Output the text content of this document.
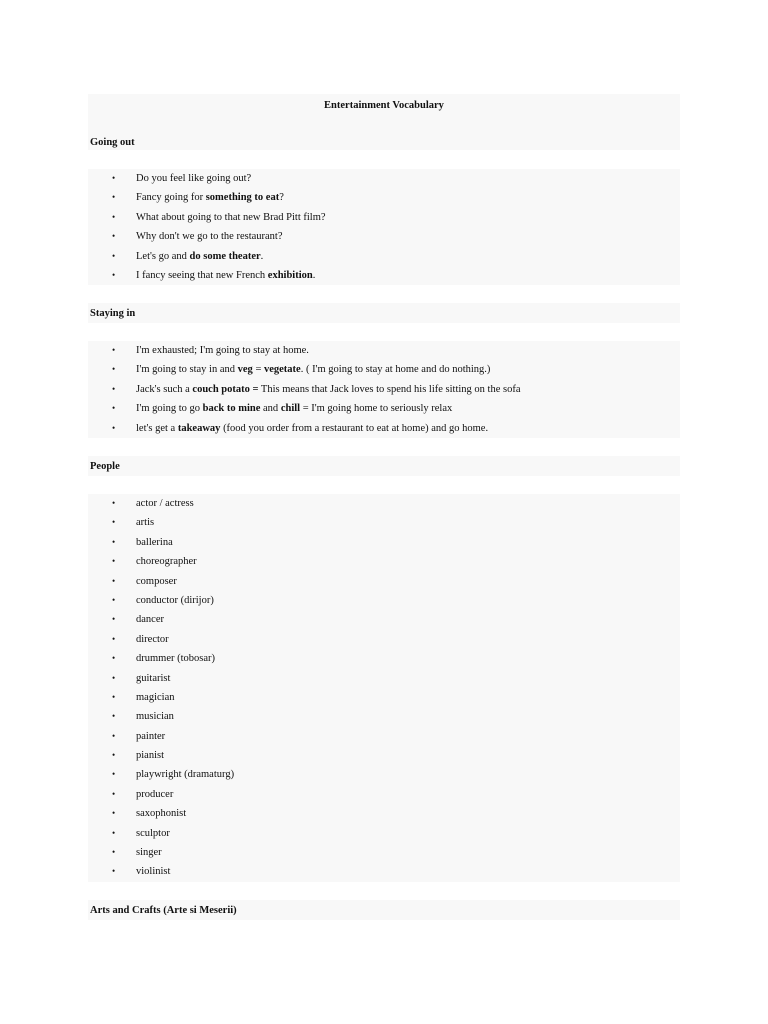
Entertainment Vocabulary
Going out
• Do you feel like going out?
• Fancy going for something to eat?
• What about going to that new Brad Pitt film?
• Why don't we go to the restaurant?
• Let's go and do some theater.
• I fancy seeing that new French exhibition.
Staying in
• I'm exhausted; I'm going to stay at home.
• I'm going to stay in and veg = vegetate. ( I'm going to stay at home and do nothing.)
• Jack's such a couch potato = This means that Jack loves to spend his life sitting on the sofa
• I'm going to go back to mine and chill = I'm going home to seriously relax
• let's get a takeaway (food you order from a restaurant to eat at home) and go home.
People
• actor / actress
• artis
• ballerina
• choreographer
• composer
• conductor (dirijor)
• dancer
• director
• drummer (tobosar)
• guitarist
• magician
• musician
• painter
• pianist
• playwright (dramaturg)
• producer
• saxophonist
• sculptor
• singer
• violinist
Arts and Crafts (Arte si Meserii)
